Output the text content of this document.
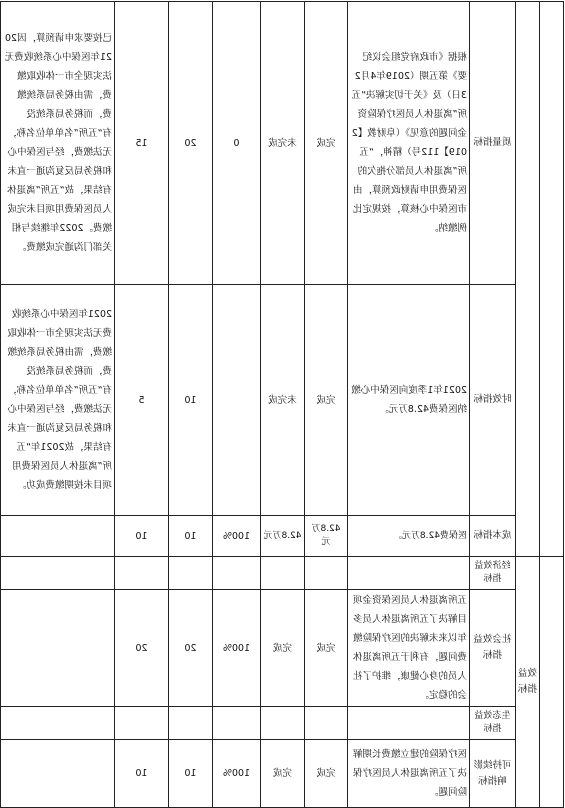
		质量指标	根据《市政府党组会议纪要》第五期（2019年4月23日）及《关于切实解决“五所”离退休人员医疗保险资金问题的意见》（阜财教【2019】112号）精神，“五所”离退休人员部分拖欠的医保费用申请财政预算，由市医保中心核算，按规定比例缴纳。	完成	未完成	0	20	15	已按要求申请预算，因2021年医保中心系统收费无法实现全市一体收取缴费，需由税务局系统缴费，而税务局系统没有“五所”名单单位名称，无法缴费，经与医保中心和税务局反复沟通一直未有结果，故“五所”离退休人员医保费用项目未完成缴费。2022年继续与相关部门沟通完成缴费。
		时效指标	2021年1季度向医保中心缴纳医保费42.8万元。	完成	未完成		10	5	2021年医保中心系统收费无法实现全市一体收取缴费，需由税务局系统缴费，而税务局系统没有“五所”名单单位名称，无法缴费，经与医保中心和税务局反复沟通一直未有结果，故2021年“五所”离退休人员医保费用项目未按期缴费成功。
		成本指标	医保费42.8万元。	42.8万元	42.8万元	100%	10	10	
	效益指标	经济效益指标							
		社会效益指标	五所离退休人员医保资金项目解决了五所离退休人员多年以来未解决的医疗保险缴费问题，有利于五所离退休人员的身心健康，维护了社会的稳定。	完成	完成	100%	20	20	
		生态效益指标							
		可持续影响指标	医疗保险的建立缴费长期解决了五所离退休人员医疗保险问题。	完成	完成	100%	10	10	
